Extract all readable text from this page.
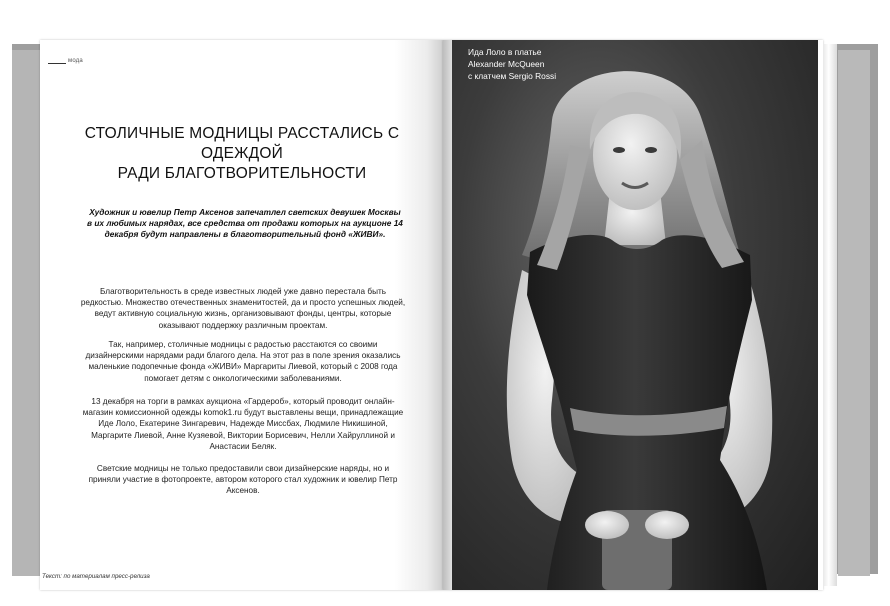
мода
СТОЛИЧНЫЕ МОДНИЦЫ РАССТАЛИСЬ С ОДЕЖДОЙ
РАДИ БЛАГОТВОРИТЕЛЬНОСТИ
Художник и ювелир Петр Аксенов запечатлел светских девушек Москвы в их любимых нарядах, все средства от продажи которых на аукционе 14 декабря будут направлены в благотворительный фонд «ЖИВИ».
Благотворительность в среде известных людей уже давно перестала быть редкостью. Множество отечественных знаменитостей, да и просто успешных людей, ведут активную социальную жизнь, организовывают фонды, центры, которые оказывают поддержку различным проектам.
Так, например, столичные модницы с радостью расстаются со своими дизайнерскими нарядами ради благого дела. На этот раз в поле зрения оказались маленькие подопечные фонда «ЖИВИ» Маргариты Лиевой, который с 2008 года помогает детям с онкологическими заболеваниями.
13 декабря на торги в рамках аукциона «Гардероб», который проводит онлайн-магазин комиссионной одежды komok1.ru будут выставлены вещи, принадлежащие Иде Лоло, Екатерине Зингаревич, Надежде Миссбах, Людмиле Никишиной, Маргарите Лиевой, Анне Кузяевой, Виктории Борисевич, Нелли Хайруллиной и Анастасии Беляк.
Светские модницы не только предоставили свои дизайнерские наряды, но и приняли участие в фотопроекте, автором которого стал художник и ювелир Петр Аксенов.
Текст: по материалам пресс-релиза
Ида Лоло в платье
Alexander McQueen
с клатчем Sergio Rossi
